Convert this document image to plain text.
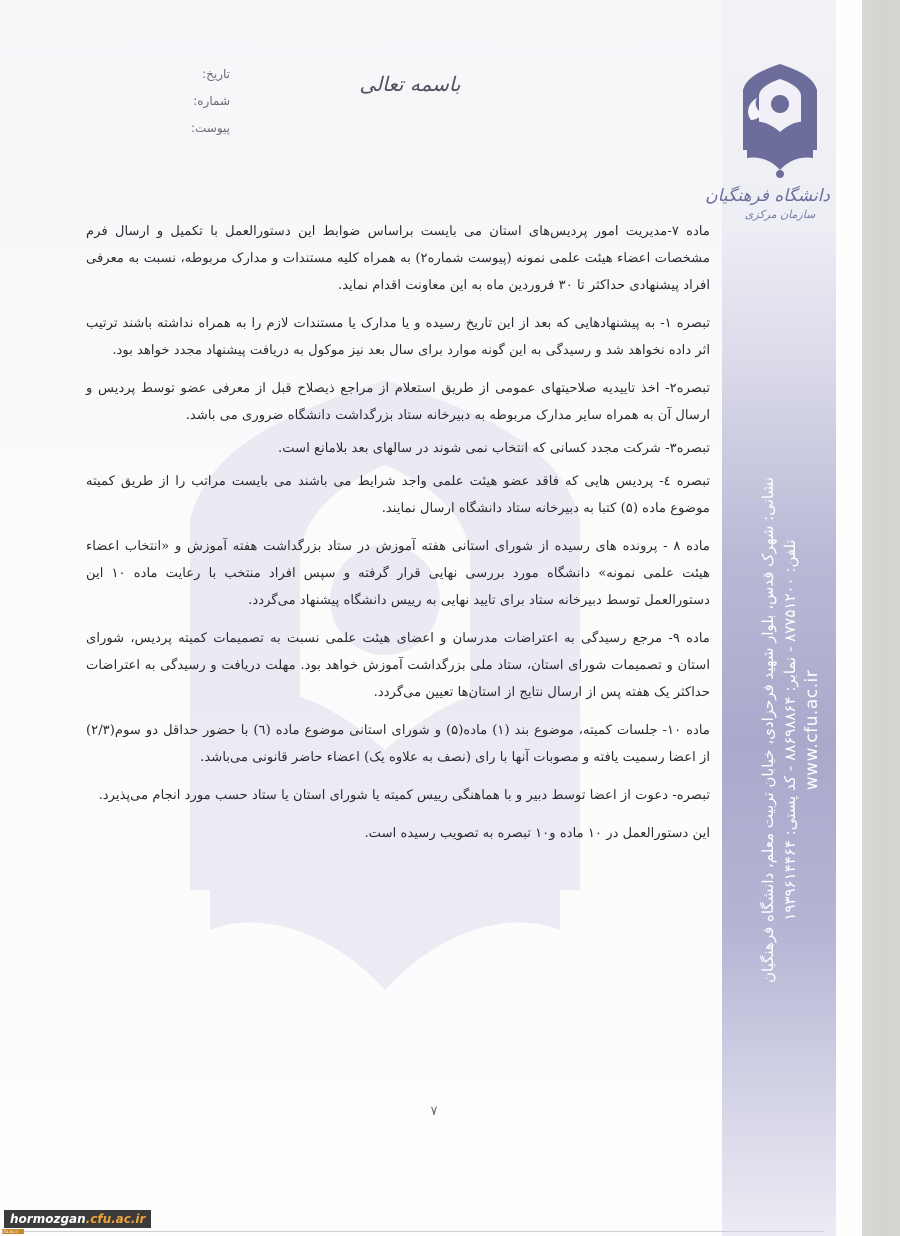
باسمه تعالی
تاریخ:
شماره:
پیوست:
دانشگاه فرهنگیان
سازمان مرکزی
نشانی: شهرک قدس، بلوار شهید فرحزادی، خیابان تربیت معلم، دانشگاه فرهنگیان تلفن: ۸۷۷۵۱۲۰۰ - نمابر: ۸۸۶۹۸۸۶۴ - کد پستی: ۱۹۳۹۶۱۴۴۶۴
www.cfu.ac.ir

ماده ۷-مدیریت امور پردیس‌های استان می بایست براساس ضوابط این دستورالعمل با تکمیل و ارسال فرم مشخصات اعضاء هیئت علمی نمونه (پیوست شماره۲) به همراه کلیه مستندات و مدارک مربوطه، نسبت به معرفی افراد پیشنهادی حداکثر تا ۳۰ فروردین ماه به این معاونت اقدام نماید.

تبصره ۱- به پیشنهادهایی که بعد از این تاریخ رسیده و یا مدارک یا مستندات لازم را به همراه نداشته باشند ترتیب اثر داده نخواهد شد و رسیدگی به این گونه موارد برای سال بعد نیز موکول به دریافت پیشنهاد مجدد خواهد بود.

تبصره۲- اخذ تاییدیه صلاحیتهای عمومی از طریق استعلام از مراجع ذیصلاح قبل از معرفی عضو توسط پردیس و ارسال آن به همراه سایر مدارک مربوطه به دبیرخانه ستاد بزرگداشت دانشگاه ضروری می باشد.

تبصره۳- شرکت مجدد کسانی که انتخاب نمی شوند در سالهای بعد بلامانع است.

تبصره ٤- پردیس هایی که فاقد عضو هیئت علمی واجد شرایط می باشند می بایست مراتب را از طریق کمیته موضوع ماده (۵) کتبا به دبیرخانه ستاد دانشگاه ارسال نمایند.

ماده ۸ - پرونده های رسیده از شورای استانی هفته آموزش در ستاد بزرگداشت هفته آموزش و «انتخاب اعضاء هیئت علمی نمونه» دانشگاه مورد بررسی نهایی قرار گرفته و سپس افراد منتخب با رعایت ماده ۱۰ این دستورالعمل توسط دبیرخانه ستاد برای تایید نهایی به رییس دانشگاه پیشنهاد می‌گردد.

ماده ۹- مرجع رسیدگی به اعتراضات مدرسان و اعضای هیئت علمی نسبت به تصمیمات کمیته پردیس، شورای استان و تصمیمات شورای استان، ستاد ملی بزرگداشت آموزش خواهد بود. مهلت دریافت و رسیدگی به اعتراضات حداکثر یک هفته پس از ارسال نتایج از استان‌ها تعیین می‌گردد.

ماده ۱۰- جلسات کمیته، موضوع بند (۱) ماده(۵) و شورای استانی موضوع ماده (٦) با حضور حداقل دو سوم(۲/۳) از اعضا رسمیت یافته و مصوبات آنها با رای (نصف به علاوه یک) اعضاء حاضر قانونی می‌باشد.

تبصره- دعوت از اعضا توسط دبیر و با هماهنگی رییس کمیته یا شورای استان یا ستاد حسب مورد انجام می‌پذیرد.

این دستورالعمل در ۱۰ ماده و۱۰ تبصره به تصویب رسیده است.

۷
hormozgan.cfu.ac.ir
cfu.ac.ir
